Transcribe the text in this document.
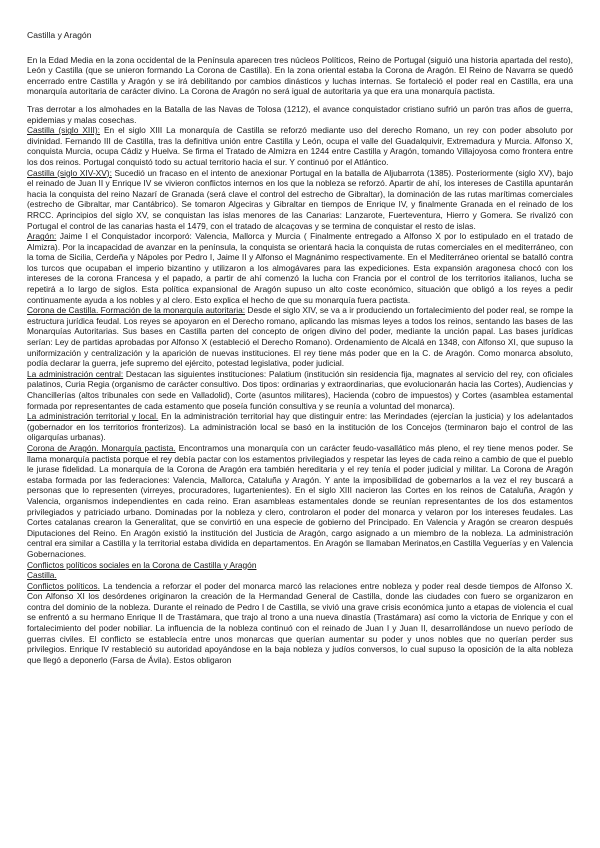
Castilla y Aragón

En la Edad Media en la zona occidental de la Península aparecen tres núcleos Políticos, Reino de Portugal (siguió una historia apartada del resto), León y Castilla (que se unieron formando La Corona de Castilla). En la zona oriental estaba la Corona de Aragón. El Reino de Navarra se quedó encerrado entre Castilla y Aragón y se irá debilitando por cambios dinásticos y luchas internas. Se fortaleció el poder real en Castilla, era una monarquía autoritaria de carácter divino. La Corona de Aragón no será igual de autoritaria ya que era una monarquía pactista.

Tras derrotar a los almohades en la Batalla de las Navas de Tolosa (1212), el avance conquistador cristiano sufrió un parón tras años de guerra, epidemias y malas cosechas.

Castilla (siglo XIII): En el siglo XIII La monarquía de Castilla se reforzó mediante uso del derecho Romano, un rey con poder absoluto por divinidad. Fernando III de Castilla, tras la definitiva unión entre Castilla y León, ocupa el valle del Guadalquivir, Extremadura y Murcia. Alfonso X, conquista Murcia, ocupa Cádiz y Huelva. Se firma el Tratado de Almizra en 1244 entre Castilla y Aragón, tomando Villajoyosa como frontera entre los dos reinos. Portugal conquistó todo su actual territorio hacia el sur. Y continuó por el Atlántico.

Castilla (siglo XIV-XV): Sucedió un fracaso en el intento de anexionar Portugal en la batalla de Aljubarrota (1385). Posteriormente (siglo XV), bajo el reinado de Juan II y Enrique IV se vivieron conflictos internos en los que la nobleza se reforzó. Apartir de ahí, los intereses de Castilla apuntarán hacia la conquista del reino Nazarí de Granada (será clave el control del estrecho de Gibraltar), la dominación de las rutas marítimas comerciales (estrecho de Gibraltar, mar Cantábrico). Se tomaron Algeciras y Gibraltar en tiempos de Enrique IV, y finalmente Granada en el reinado de los RRCC. Aprincipios del siglo XV, se conquistan las islas menores de las Canarias: Lanzarote, Fuerteventura, Hierro y Gomera. Se rivalizó con Portugal el control de las canarias hasta el 1479, con el tratado de alcaçovas y se termina de conquistar el resto de islas.

Aragón: Jaime I el Conquistador incorporó: Valencia, Mallorca y Murcia ( Finalmente entregado a Alfonso X por lo estipulado en el tratado de Almizra). Por la incapacidad de avanzar en la península, la conquista se orientará hacia la conquista de rutas comerciales en el mediterráneo, con la toma de Sicilia, Cerdeña y Nápoles por Pedro I, Jaime II y Alfonso el Magnánimo respectivamente. En el Mediterráneo oriental se batalló contra los turcos que ocupaban el imperio bizantino y utilizaron a los almogávares para las expediciones. Esta expansión aragonesa chocó con los intereses de la corona Francesa y el papado, a partir de ahí comenzó la lucha con Francia por el control de los territorios italianos, lucha se repetirá a lo largo de siglos. Esta política expansional de Aragón supuso un alto coste económico, situación que obligó a los reyes a pedir continuamente ayuda a los nobles y al clero. Esto explica el hecho de que su monarquía fuera pactista.

Corona de Castilla. Formación de la monarquía autoritaria: Desde el siglo XIV, se va a ir produciendo un fortalecimiento del poder real, se rompe la estructura jurídica feudal. Los reyes se apoyaron en el Derecho romano, aplicando las mismas leyes a todos los reinos, sentando las bases de las Monarquías Autoritarias. Sus bases en Castilla parten del concepto de origen divino del poder, mediante la unción papal. Las bases jurídicas serían: Ley de partidas aprobadas por Alfonso X (estableció el Derecho Romano). Ordenamiento de Alcalá en 1348, con Alfonso XI, que supuso la uniformización y centralización y la aparición de nuevas instituciones. El rey tiene más poder que en la C. de Aragón. Como monarca absoluto, podía declarar la guerra, jefe supremo del ejército, potestad legislativa, poder judicial.

La administración central: Destacan las siguientes instituciones: Palatium (institución sin residencia fija, magnates al servicio del rey, con oficiales palatinos, Curia Regia (organismo de carácter consultivo. Dos tipos: ordinarias y extraordinarias, que evolucionarán hacia las Cortes), Audiencias y Chancillerías (altos tribunales con sede en Valladolid), Corte (asuntos militares), Hacienda (cobro de impuestos) y Cortes (asamblea estamental formada por representantes de cada estamento que poseía función consultiva y se reunía a voluntad del monarca).

La administración territorial y local. En la administración territorial hay que distinguir entre: las Merindades (ejercían la justicia) y los adelantados (gobernador en los territorios fronterizos). La administración local se basó en la institución de los Concejos (terminaron bajo el control de las oligarquías urbanas).

Corona de Aragón. Monarquía pactista. Encontramos una monarquía con un carácter feudo-vasallático más pleno, el rey tiene menos poder. Se llama monarquía pactista porque el rey debía pactar con los estamentos privilegiados y respetar las leyes de cada reino a cambio de que el pueblo le jurase fidelidad. La monarquía de la Corona de Aragón era también hereditaria y el rey tenía el poder judicial y militar. La Corona de Aragón estaba formada por las federaciones: Valencia, Mallorca, Cataluña y Aragón. Y ante la imposibilidad de gobernarlos a la vez el rey buscará a personas que lo representen (virreyes, procuradores, lugartenientes). En el siglo XIII nacieron las Cortes en los reinos de Cataluña, Aragón y Valencia, organismos independientes en cada reino. Eran asambleas estamentales donde se reunían representantes de los dos estamentos privilegiados y patriciado urbano. Dominadas por la nobleza y clero, controlaron el poder del monarca y velaron por los intereses feudales. Las Cortes catalanas crearon la Generalitat, que se convirtió en una especie de gobierno del Principado. En Valencia y Aragón se crearon después Diputaciones del Reino. En Aragón existió la institución del Justicia de Aragón, cargo asignado a un miembro de la nobleza. La administración central era similar a Castilla y la territorial estaba dividida en departamentos. En Aragón se llamaban Merinatos,en Castilla Veguerías y en Valencia Gobernaciones.

Conflictos políticos sociales en la Corona de Castilla y Aragón

Castilla.

Conflictos políticos. La tendencia a reforzar el poder del monarca marcó las relaciones entre nobleza y poder real desde tiempos de Alfonso X. Con Alfonso XI los desórdenes originaron la creación de la Hermandad General de Castilla, donde las ciudades con fuero se organizaron en contra del dominio de la nobleza. Durante el reinado de Pedro I de Castilla, se vivió una grave crisis económica junto a etapas de violencia el cual se enfrentó a su hermano Enrique II de Trastámara, que trajo al trono a una nueva dinastía (Trastámara) así como la victoria de Enrique y con el fortalecimiento del poder nobiliar. La influencia de la nobleza continuó con el reinado de Juan I y Juan II, desarrollándose un nuevo período de guerras civiles. El conflicto se establecía entre unos monarcas que querían aumentar su poder y unos nobles que no querían perder sus privilegios. Enrique IV restableció su autoridad apoyándose en la baja nobleza y judíos conversos, lo cual supuso la oposición de la alta nobleza que llegó a deponerlo (Farsa de Ávila). Estos obligaron
